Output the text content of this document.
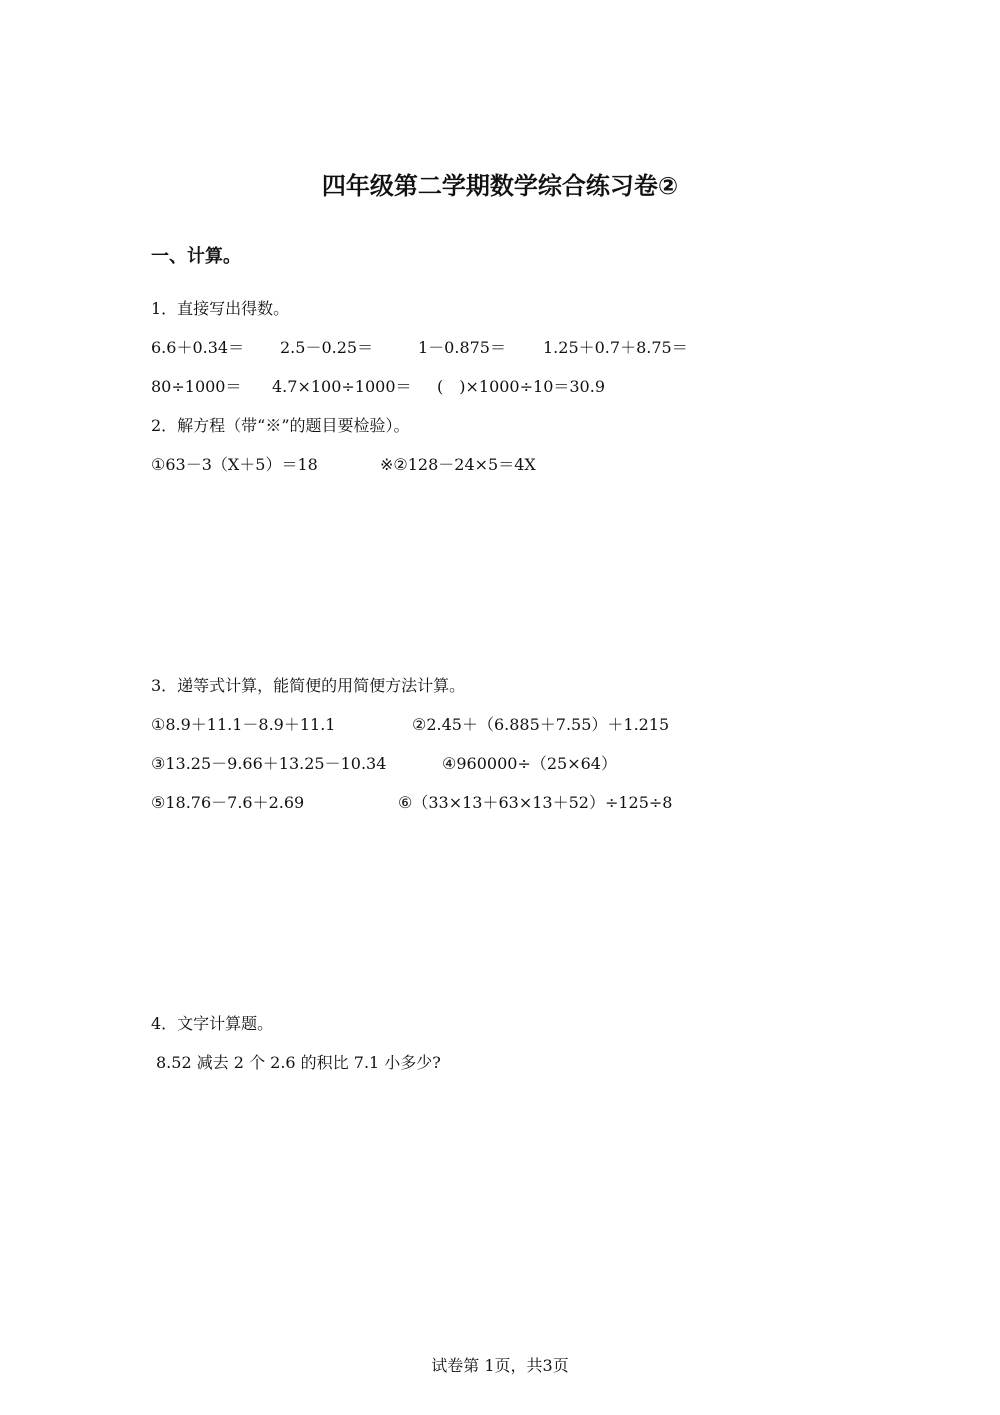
四年级第二学期数学综合练习卷②
一、计算。
1．直接写出得数。
6.6＋0.34＝ 2.5－0.25＝	1－0.875＝ 1.25＋0.7＋8.75＝
80÷1000＝ 4.7×100÷1000＝ (　)×1000÷10＝30.9
2．解方程（带“※”的题目要检验）。
①63－3（X＋5）＝18	※②128－24×5＝4X
3．递等式计算，能简便的用简便方法计算。
①8.9＋11.1－8.9＋11.1	②2.45＋（6.885＋7.55）＋1.215
③13.25－9.66＋13.25－10.34	④960000÷（25×64）
⑤18.76－7.6＋2.69	⑥（33×13＋63×13＋52）÷125÷8
4．文字计算题。
8.52 减去 2 个 2.6 的积比 7.1 小多少?
试卷第 1页，共3页
